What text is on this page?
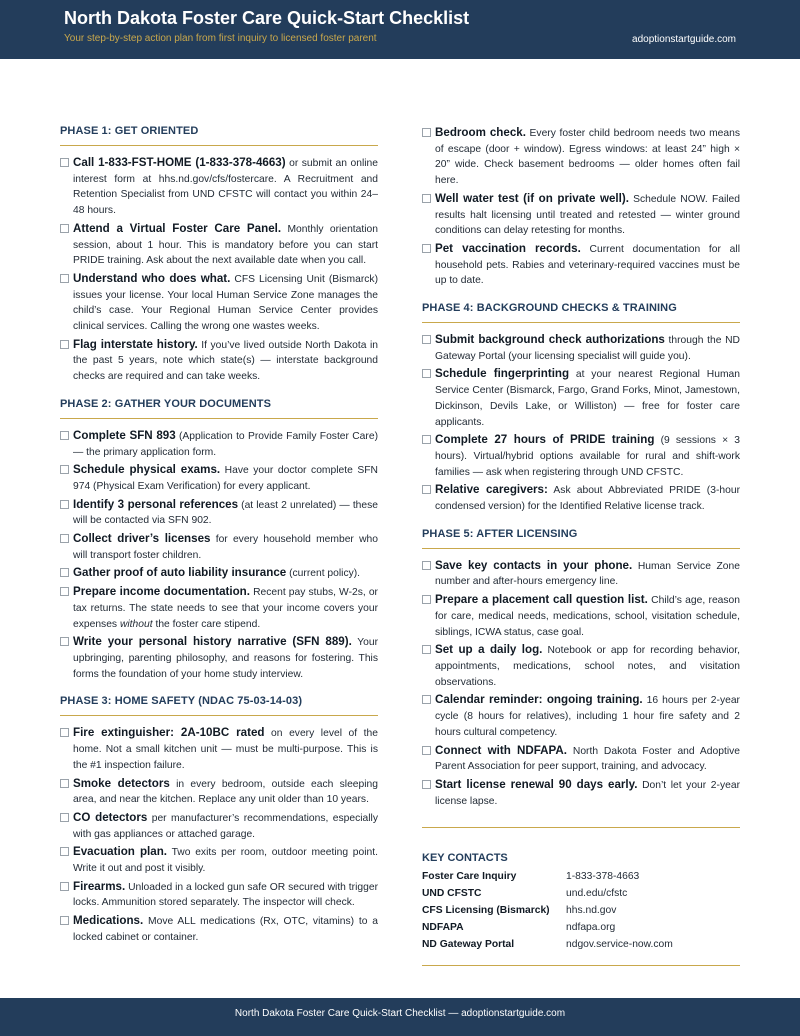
North Dakota Foster Care Quick-Start Checklist
Your step-by-step action plan from first inquiry to licensed foster parent	adoptionstartguide.com
PHASE 1: GET ORIENTED
Call 1-833-FST-HOME (1-833-378-4663) or submit an online interest form at hhs.nd.gov/cfs/fostercare. A Recruitment and Retention Specialist from UND CFSTC will contact you within 24–48 hours.
Attend a Virtual Foster Care Panel. Monthly orientation session, about 1 hour. This is mandatory before you can start PRIDE training. Ask about the next available date when you call.
Understand who does what. CFS Licensing Unit (Bismarck) issues your license. Your local Human Service Zone manages the child’s case. Your Regional Human Service Center provides clinical services. Calling the wrong one wastes weeks.
Flag interstate history. If you’ve lived outside North Dakota in the past 5 years, note which state(s) — interstate background checks are required and can take weeks.
PHASE 2: GATHER YOUR DOCUMENTS
Complete SFN 893 (Application to Provide Family Foster Care) — the primary application form.
Schedule physical exams. Have your doctor complete SFN 974 (Physical Exam Verification) for every applicant.
Identify 3 personal references (at least 2 unrelated) — these will be contacted via SFN 902.
Collect driver’s licenses for every household member who will transport foster children.
Gather proof of auto liability insurance (current policy).
Prepare income documentation. Recent pay stubs, W-2s, or tax returns. The state needs to see that your income covers your expenses without the foster care stipend.
Write your personal history narrative (SFN 889). Your upbringing, parenting philosophy, and reasons for fostering. This forms the foundation of your home study interview.
PHASE 3: HOME SAFETY (NDAC 75-03-14-03)
Fire extinguisher: 2A-10BC rated on every level of the home. Not a small kitchen unit — must be multi-purpose. This is the #1 inspection failure.
Smoke detectors in every bedroom, outside each sleeping area, and near the kitchen. Replace any unit older than 10 years.
CO detectors per manufacturer’s recommendations, especially with gas appliances or attached garage.
Evacuation plan. Two exits per room, outdoor meeting point. Write it out and post it visibly.
Firearms. Unloaded in a locked gun safe OR secured with trigger locks. Ammunition stored separately. The inspector will check.
Medications. Move ALL medications (Rx, OTC, vitamins) to a locked cabinet or container.
Bedroom check. Every foster child bedroom needs two means of escape (door + window). Egress windows: at least 24” high × 20” wide. Check basement bedrooms — older homes often fail here.
Well water test (if on private well). Schedule NOW. Failed results halt licensing until treated and retested — winter ground conditions can delay retesting for months.
Pet vaccination records. Current documentation for all household pets. Rabies and veterinary-required vaccines must be up to date.
PHASE 4: BACKGROUND CHECKS & TRAINING
Submit background check authorizations through the ND Gateway Portal (your licensing specialist will guide you).
Schedule fingerprinting at your nearest Regional Human Service Center (Bismarck, Fargo, Grand Forks, Minot, Jamestown, Dickinson, Devils Lake, or Williston) — free for foster care applicants.
Complete 27 hours of PRIDE training (9 sessions × 3 hours). Virtual/hybrid options available for rural and shift-work families — ask when registering through UND CFSTC.
Relative caregivers: Ask about Abbreviated PRIDE (3-hour condensed version) for the Identified Relative license track.
PHASE 5: AFTER LICENSING
Save key contacts in your phone. Human Service Zone number and after-hours emergency line.
Prepare a placement call question list. Child’s age, reason for care, medical needs, medications, school, visitation schedule, siblings, ICWA status, case goal.
Set up a daily log. Notebook or app for recording behavior, appointments, medications, school notes, and visitation observations.
Calendar reminder: ongoing training. 16 hours per 2-year cycle (8 hours for relatives), including 1 hour fire safety and 2 hours cultural competency.
Connect with NDFAPA. North Dakota Foster and Adoptive Parent Association for peer support, training, and advocacy.
Start license renewal 90 days early. Don’t let your 2-year license lapse.
KEY CONTACTS
Foster Care Inquiry	1-833-378-4663
UND CFSTC	und.edu/cfstc
CFS Licensing (Bismarck)	hhs.nd.gov
NDFAPA	ndfapa.org
ND Gateway Portal	ndgov.service-now.com
North Dakota Foster Care Quick-Start Checklist — adoptionstartguide.com
